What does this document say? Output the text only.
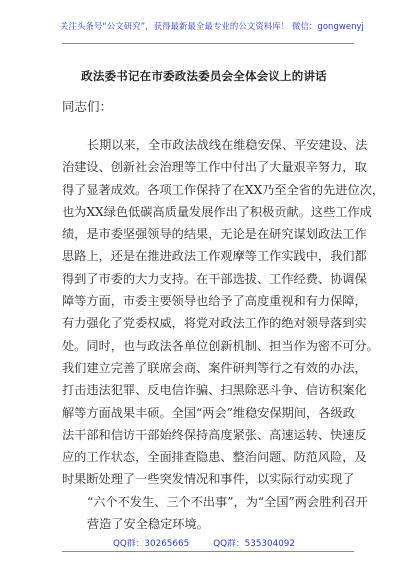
关注头条号“公文研究”，获得最新最全最专业的公文资料库！ 微信：gongwenyj
政法委书记在市委政法委员会全体会议上的讲话
同志们：
长期以来，全市政法战线在维稳安保、平安建设、法
治建设、创新社会治理等工作中付出了大量艰辛努力，取
得了显著成效。各项工作保持了在XX乃至全省的先进位次，
也为XX绿色低碳高质量发展作出了积极贡献。这些工作成
绩，是市委坚强领导的结果，无论是在研究谋划政法工作
思路上，还是在推进政法工作观摩等工作实践中，我们都
得到了市委的大力支持。在干部选拔、工作经费、协调保
障等方面，市委主要领导也给予了高度重视和有力保障，
有力强化了党委权威，将党对政法工作的绝对领导落到实
处。同时，也与政法各单位创新机制、担当作为密不可分。
我们建立完善了联席会商、案件研判等行之有效的办法，
打击违法犯罪、反电信诈骗、扫黑除恶斗争、信访积案化
解等方面战果丰硕。全国“两会”维稳安保期间，各级政
法干部和信访干部始终保持高度紧张、高速运转、快速反
应的工作状态，全面排查隐患、整治问题、防范风险，及
时果断处理了一些突发情况和事件，以实际行动实现了
“六个不发生、三个不出事”，为“全国”两会胜利召开
营造了安全稳定环境。
QQ群：30265665	QQ群：535304092
